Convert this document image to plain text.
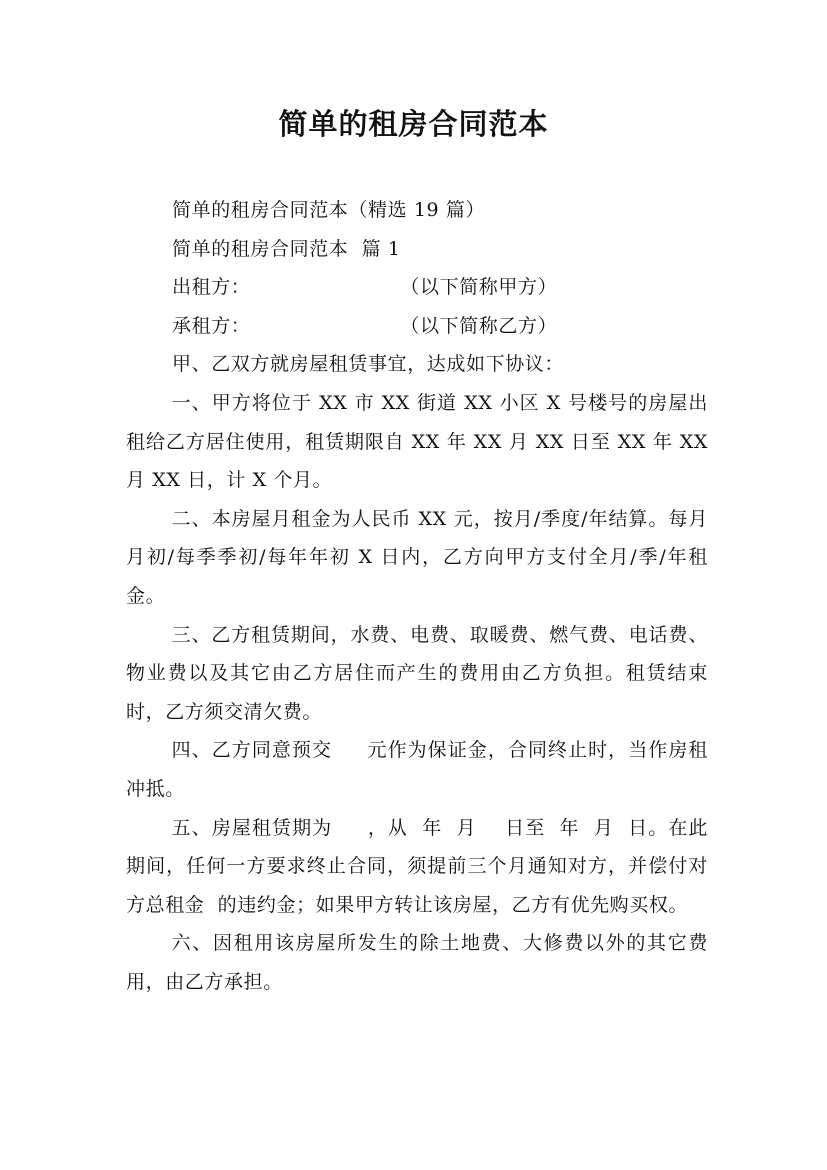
简单的租房合同范本

简单的租房合同范本（精选 19 篇）

简单的租房合同范本  篇 1

出租方：	（以下简称甲方）

承租方：	（以下简称乙方）

甲、乙双方就房屋租赁事宜，达成如下协议：

一、甲方将位于 XX 市 XX 街道 XX 小区 X 号楼号的房屋出租给乙方居住使用，租赁期限自 XX 年 XX 月 XX 日至 XX 年 XX 月 XX 日，计 X 个月。

二、本房屋月租金为人民币 XX 元，按月/季度/年结算。每月月初/每季季初/每年年初 X 日内，乙方向甲方支付全月/季/年租金。

三、乙方租赁期间，水费、电费、取暖费、燃气费、电话费、物业费以及其它由乙方居住而产生的费用由乙方负担。租赁结束时，乙方须交清欠费。

四、乙方同意预交     元作为保证金，合同终止时，当作房租冲抵。

五、房屋租赁期为     ，从  年  月    日至  年  月  日。在此期间，任何一方要求终止合同，须提前三个月通知对方，并偿付对方总租金  的违约金；如果甲方转让该房屋，乙方有优先购买权。

六、因租用该房屋所发生的除土地费、大修费以外的其它费用，由乙方承担。
